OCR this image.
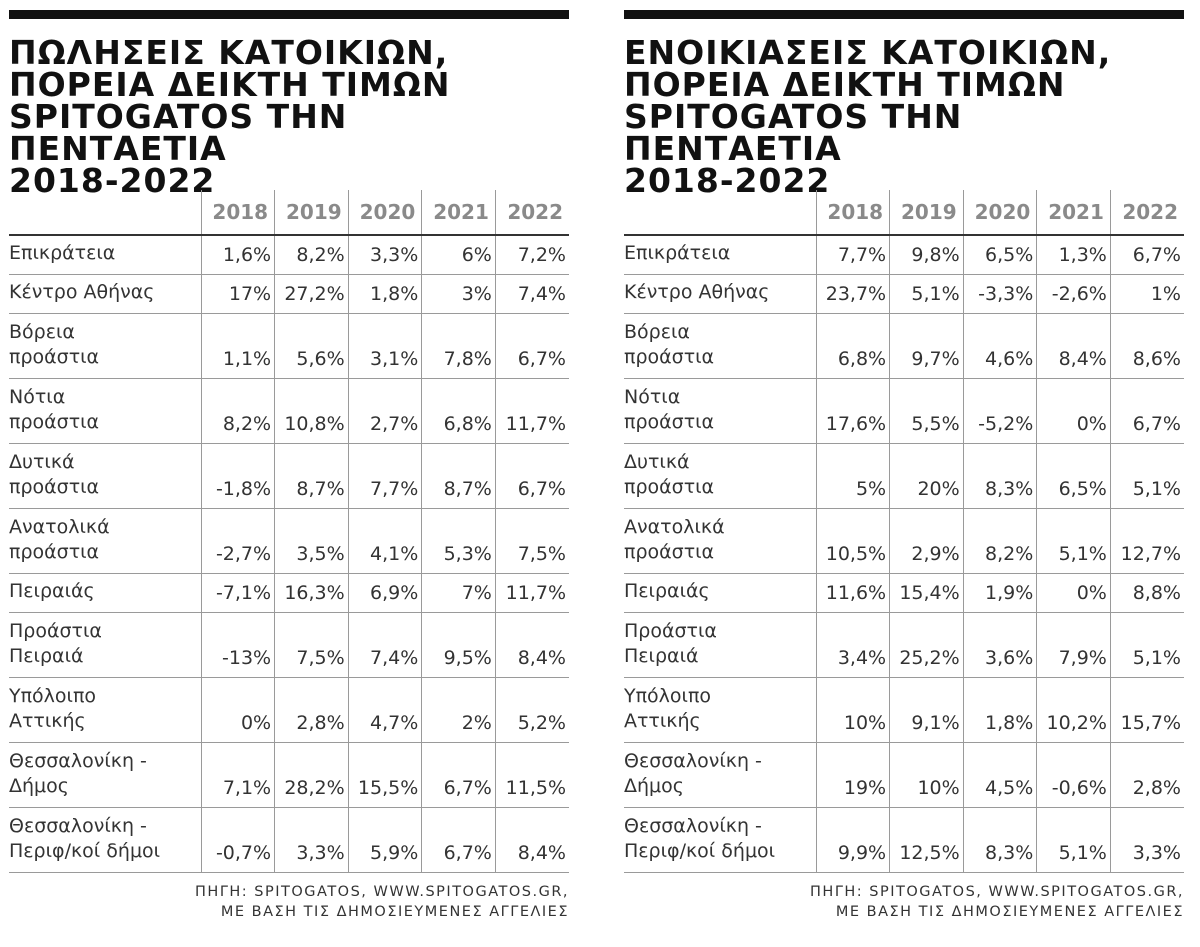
ΠΩΛΗΣΕΙΣ ΚΑΤΟΙΚΙΩΝ,
ΠΟΡΕΙΑ ΔΕΙΚΤΗ ΤΙΜΩΝ
SPITOGATOS ΤΗΝ ΠΕΝΤΑΕΤΙΑ
2018-2022
	2018	2019	2020	2021	2022
Επικράτεια	1,6%	8,2%	3,3%	6%	7,2%
Κέντρο Αθήνας	17%	27,2%	1,8%	3%	7,4%
Βόρεια
προάστια	1,1%	5,6%	3,1%	7,8%	6,7%
Νότια
προάστια	8,2%	10,8%	2,7%	6,8%	11,7%
Δυτικά
προάστια	-1,8%	8,7%	7,7%	8,7%	6,7%
Ανατολικά
προάστια	-2,7%	3,5%	4,1%	5,3%	7,5%
Πειραιάς	-7,1%	16,3%	6,9%	7%	11,7%
Προάστια
Πειραιά	-13%	7,5%	7,4%	9,5%	8,4%
Υπόλοιπο
Αττικής	0%	2,8%	4,7%	2%	5,2%
Θεσσαλονίκη -
Δήμος	7,1%	28,2%	15,5%	6,7%	11,5%
Θεσσαλονίκη -
Περιφ/κοί δήμοι	-0,7%	3,3%	5,9%	6,7%	8,4%
ΠΗΓΗ: SPITOGATOS, WWW.SPITOGATOS.GR,
ΜΕ ΒΑΣΗ ΤΙΣ ΔΗΜΟΣΙΕΥΜΕΝΕΣ ΑΓΓΕΛΙΕΣ
ΕΝΟΙΚΙΑΣΕΙΣ ΚΑΤΟΙΚΙΩΝ,
ΠΟΡΕΙΑ ΔΕΙΚΤΗ ΤΙΜΩΝ
SPITOGATOS ΤΗΝ ΠΕΝΤΑΕΤΙΑ
2018-2022
	2018	2019	2020	2021	2022
Επικράτεια	7,7%	9,8%	6,5%	1,3%	6,7%
Κέντρο Αθήνας	23,7%	5,1%	-3,3%	-2,6%	1%
Βόρεια
προάστια	6,8%	9,7%	4,6%	8,4%	8,6%
Νότια
προάστια	17,6%	5,5%	-5,2%	0%	6,7%
Δυτικά
προάστια	5%	20%	8,3%	6,5%	5,1%
Ανατολικά
προάστια	10,5%	2,9%	8,2%	5,1%	12,7%
Πειραιάς	11,6%	15,4%	1,9%	0%	8,8%
Προάστια
Πειραιά	3,4%	25,2%	3,6%	7,9%	5,1%
Υπόλοιπο
Αττικής	10%	9,1%	1,8%	10,2%	15,7%
Θεσσαλονίκη -
Δήμος	19%	10%	4,5%	-0,6%	2,8%
Θεσσαλονίκη -
Περιφ/κοί δήμοι	9,9%	12,5%	8,3%	5,1%	3,3%
ΠΗΓΗ: SPITOGATOS, WWW.SPITOGATOS.GR,
ΜΕ ΒΑΣΗ ΤΙΣ ΔΗΜΟΣΙΕΥΜΕΝΕΣ ΑΓΓΕΛΙΕΣ
